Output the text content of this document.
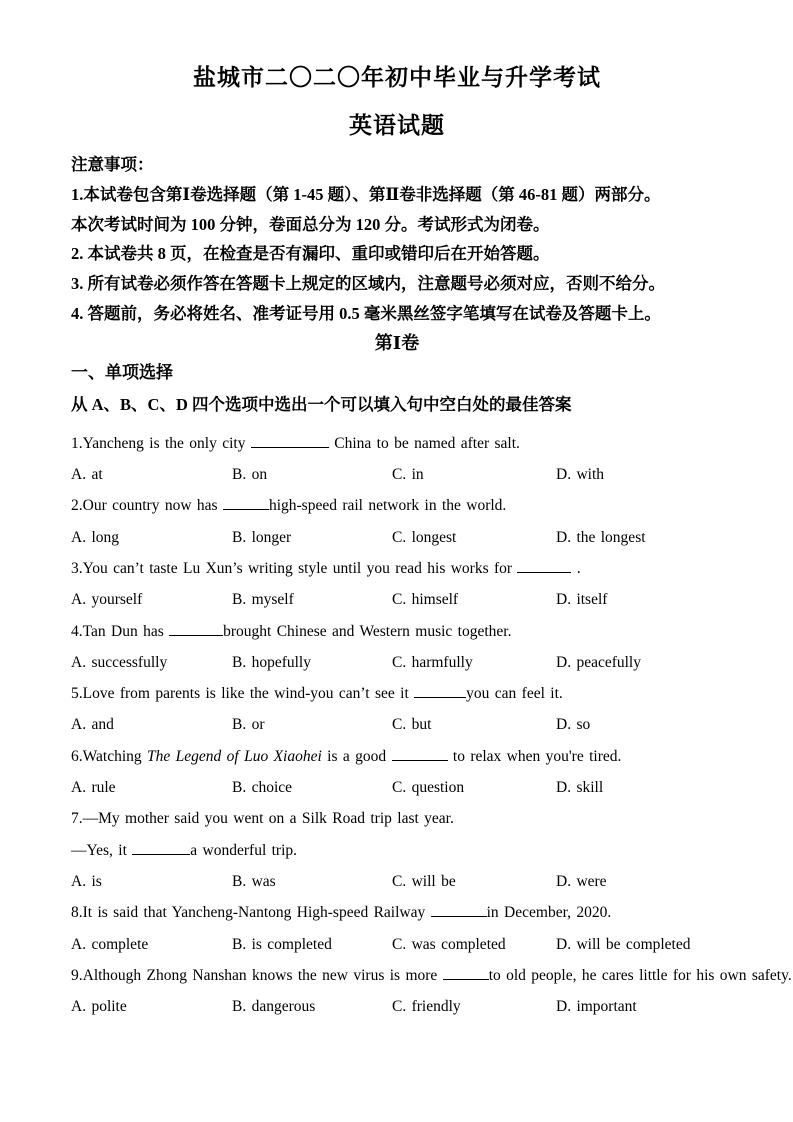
盐城市二〇二〇年初中毕业与升学考试
英语试题
注意事项：
1.本试卷包含第Ⅰ卷选择题（第 1-45 题）、第Ⅱ卷非选择题（第 46-81 题）两部分。
本次考试时间为 100 分钟，卷面总分为 120 分。考试形式为闭卷。
2. 本试卷共 8 页，在检查是否有漏印、重印或错印后在开始答题。
3. 所有试卷必须作答在答题卡上规定的区域内，注意题号必须对应，否则不给分。
4. 答题前，务必将姓名、准考证号用 0.5 毫米黑丝签字笔填写在试卷及答题卡上。
第Ⅰ卷
一、单项选择
从 A、B、C、D 四个选项中选出一个可以填入句中空白处的最佳答案
1.Yancheng is the only city	China to be named after salt.
A. at	B. on	C. in	D. with
2.Our country now has	high-speed rail network in the world.
A. long	B. longer	C. longest	D. the longest
3.You can’t taste Lu Xun’s writing style until you read his works for	.
A. yourself	B. myself	C. himself	D. itself
4.Tan Dun has	brought Chinese and Western music together.
A. successfully	B. hopefully	C. harmfully	D. peacefully
5.Love from parents is like the wind-you can’t see it	you can feel it.
A. and	B. or	C. but	D. so
6.Watching The Legend of Luo Xiaohei is a good	to relax when you're tired.
A. rule	B. choice	C. question	D. skill
7.—My mother said you went on a Silk Road trip last year.
—Yes, it	a wonderful trip.
A. is	B. was	C. will be	D. were
8.It is said that Yancheng-Nantong High-speed Railway	in December, 2020.
A. complete	B. is completed	C. was completed	D. will be completed
9.Although Zhong Nanshan knows the new virus is more	to old people, he cares little for his own safety.
A. polite	B. dangerous	C. friendly	D. important
